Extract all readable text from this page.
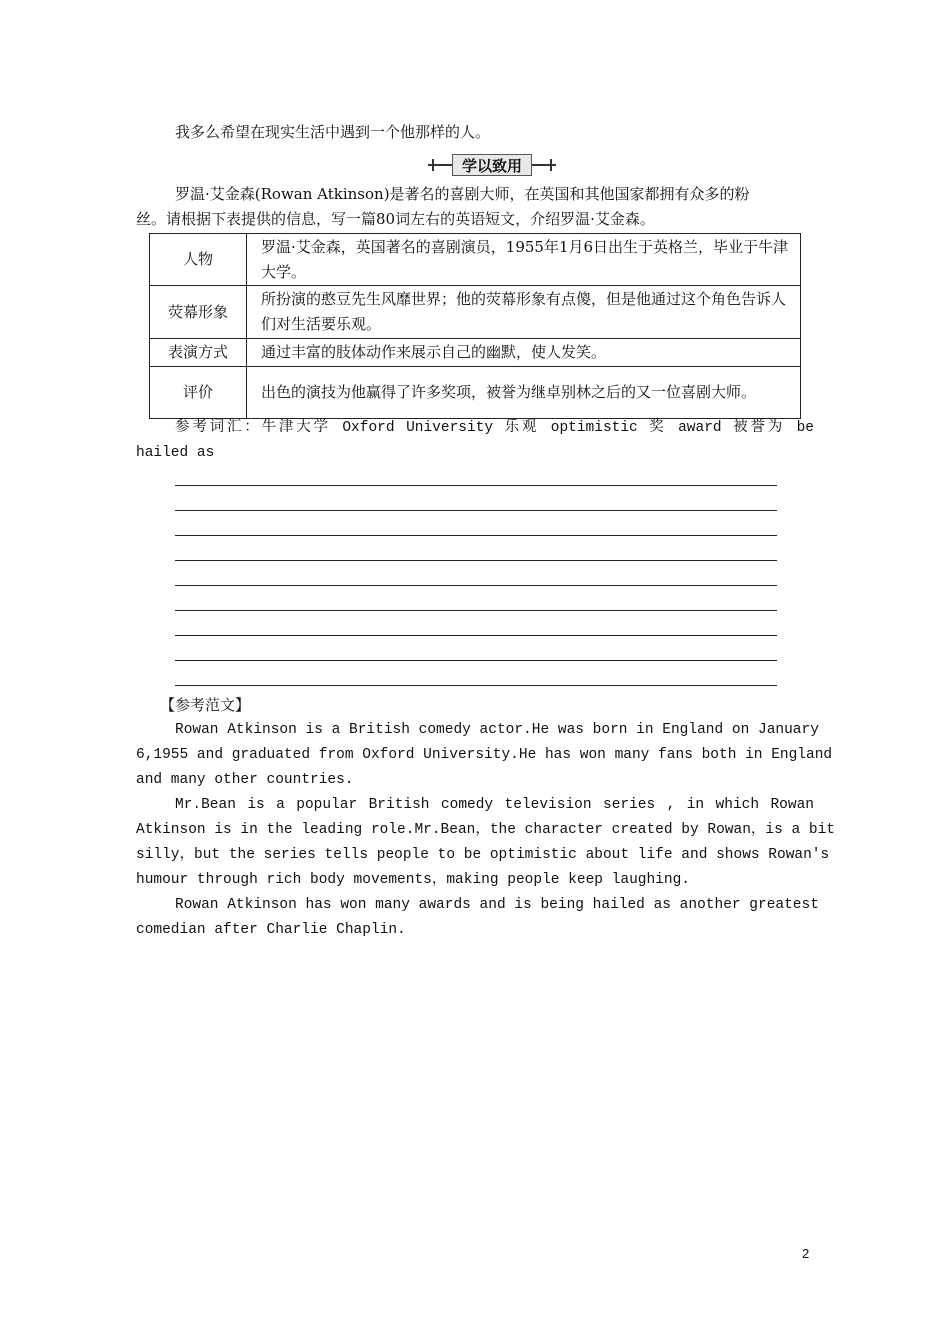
我多么希望在现实生活中遇到一个他那样的人。
学以致用
罗温·艾金森(Rowan Atkinson)是著名的喜剧大师，在英国和其他国家都拥有众多的粉
丝。请根据下表提供的信息，写一篇80词左右的英语短文，介绍罗温·艾金森。
人物	罗温·艾金森，英国著名的喜剧演员，1955年1月6日出生于英格兰，毕业于牛津大学。
荧幕形象	所扮演的憨豆先生风靡世界；他的荧幕形象有点傻，但是他通过这个角色告诉人们对生活要乐观。
表演方式	通过丰富的肢体动作来展示自己的幽默，使人发笑。
评价	出色的演技为他赢得了许多奖项，被誉为继卓别林之后的又一位喜剧大师。
参考词汇：牛津大学 Oxford University 乐观 optimistic 奖 award 被誉为 be
hailed as
【参考范文】
Rowan Atkinson is a British comedy actor.He was born in England on January
6,1955 and graduated from Oxford University.He has won many fans both in England
and many other countries.
Mr.Bean is a popular British comedy television series , in which Rowan
Atkinson is in the leading role.Mr.Bean，the character created by Rowan，is a bit
silly，but the series tells people to be optimistic about life and shows Rowan's
humour through rich body movements，making people keep laughing.
Rowan Atkinson has won many awards and is being hailed as another greatest
comedian after Charlie Chaplin.
2
